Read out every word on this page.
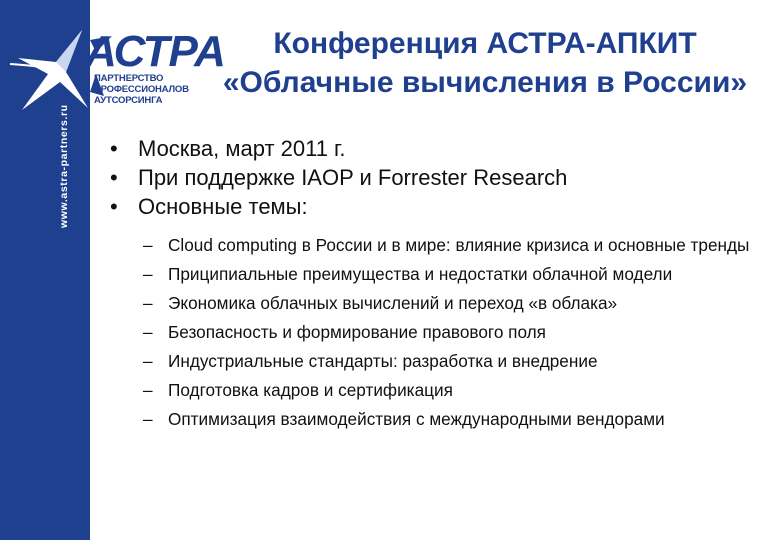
www.astra-partners.ru
АСТРА
ПАРТНЕРСТВО
ПРОФЕССИОНАЛОВ
АУТСОРСИНГА
Конференция АСТРА-АПКИТ
«Облачные вычисления в России»
• Москва, март 2011 г.
• При поддержке IAOP и Forrester Research
• Основные темы:
– Cloud computing в России и в мире: влияние кризиса и основные тренды
– Приципиальные преимущества и недостатки облачной модели
– Экономика облачных вычислений и переход «в облака»
– Безопасность и формирование правового поля
– Индустриальные стандарты: разработка и внедрение
– Подготовка кадров и сертификация
– Оптимизация взаимодействия с международными вендорами
